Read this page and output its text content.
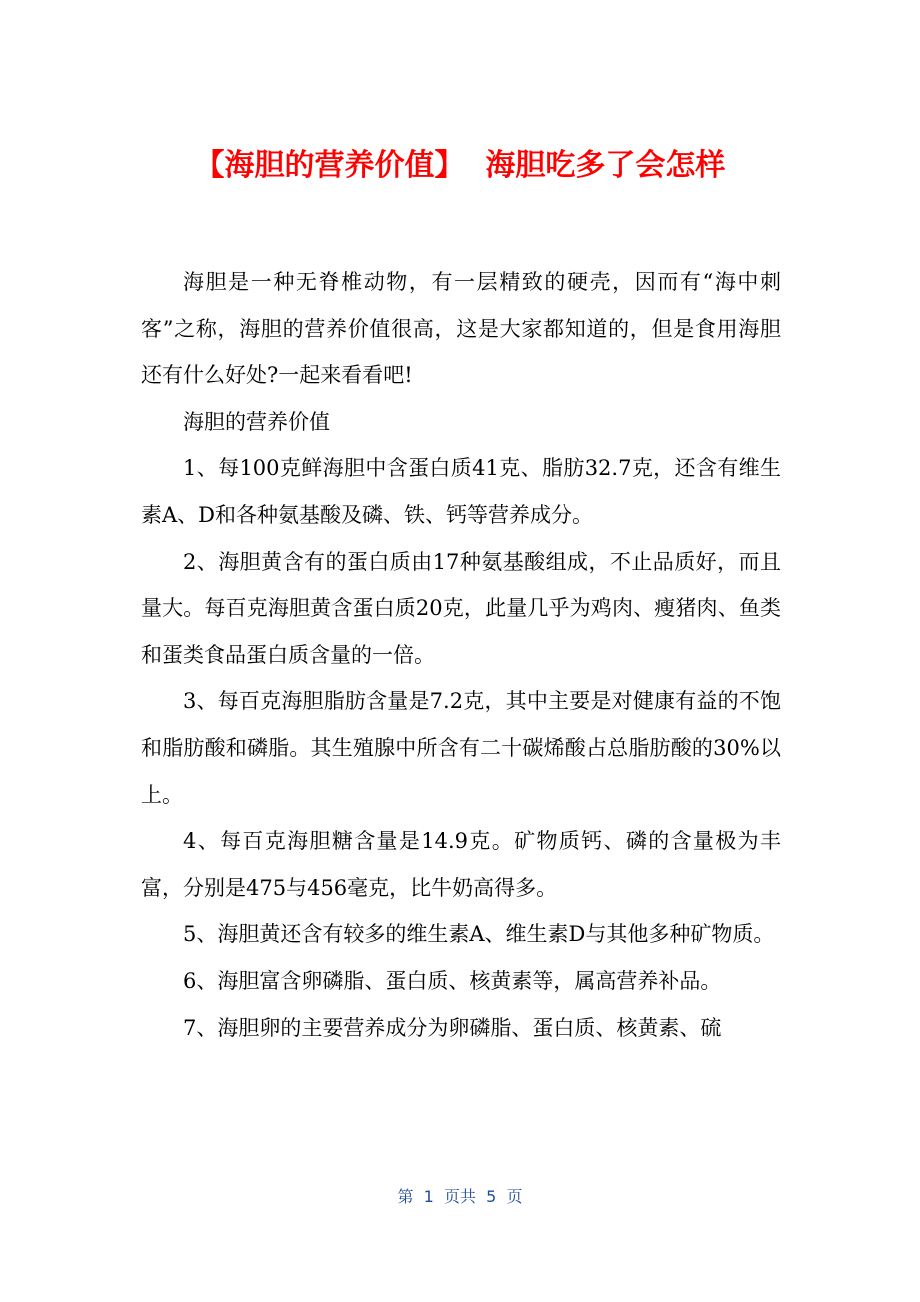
【海胆的营养价值】  海胆吃多了会怎样

海胆是一种无脊椎动物，有一层精致的硬壳，因而有“海中刺客”之称，海胆的营养价值很高，这是大家都知道的，但是食用海胆还有什么好处?一起来看看吧!

海胆的营养价值

1、每100克鲜海胆中含蛋白质41克、脂肪32.7克，还含有维生素A、D和各种氨基酸及磷、铁、钙等营养成分。

2、海胆黄含有的蛋白质由17种氨基酸组成，不止品质好，而且量大。每百克海胆黄含蛋白质20克，此量几乎为鸡肉、瘦猪肉、鱼类和蛋类食品蛋白质含量的一倍。

3、每百克海胆脂肪含量是7.2克，其中主要是对健康有益的不饱和脂肪酸和磷脂。其生殖腺中所含有二十碳烯酸占总脂肪酸的30%以上。

4、每百克海胆糖含量是14.9克。矿物质钙、磷的含量极为丰富，分别是475与456毫克，比牛奶高得多。

5、海胆黄还含有较多的维生素A、维生素D与其他多种矿物质。

6、海胆富含卵磷脂、蛋白质、核黄素等，属高营养补品。

7、海胆卵的主要营养成分为卵磷脂、蛋白质、核黄素、硫

第  1  页共  5  页
